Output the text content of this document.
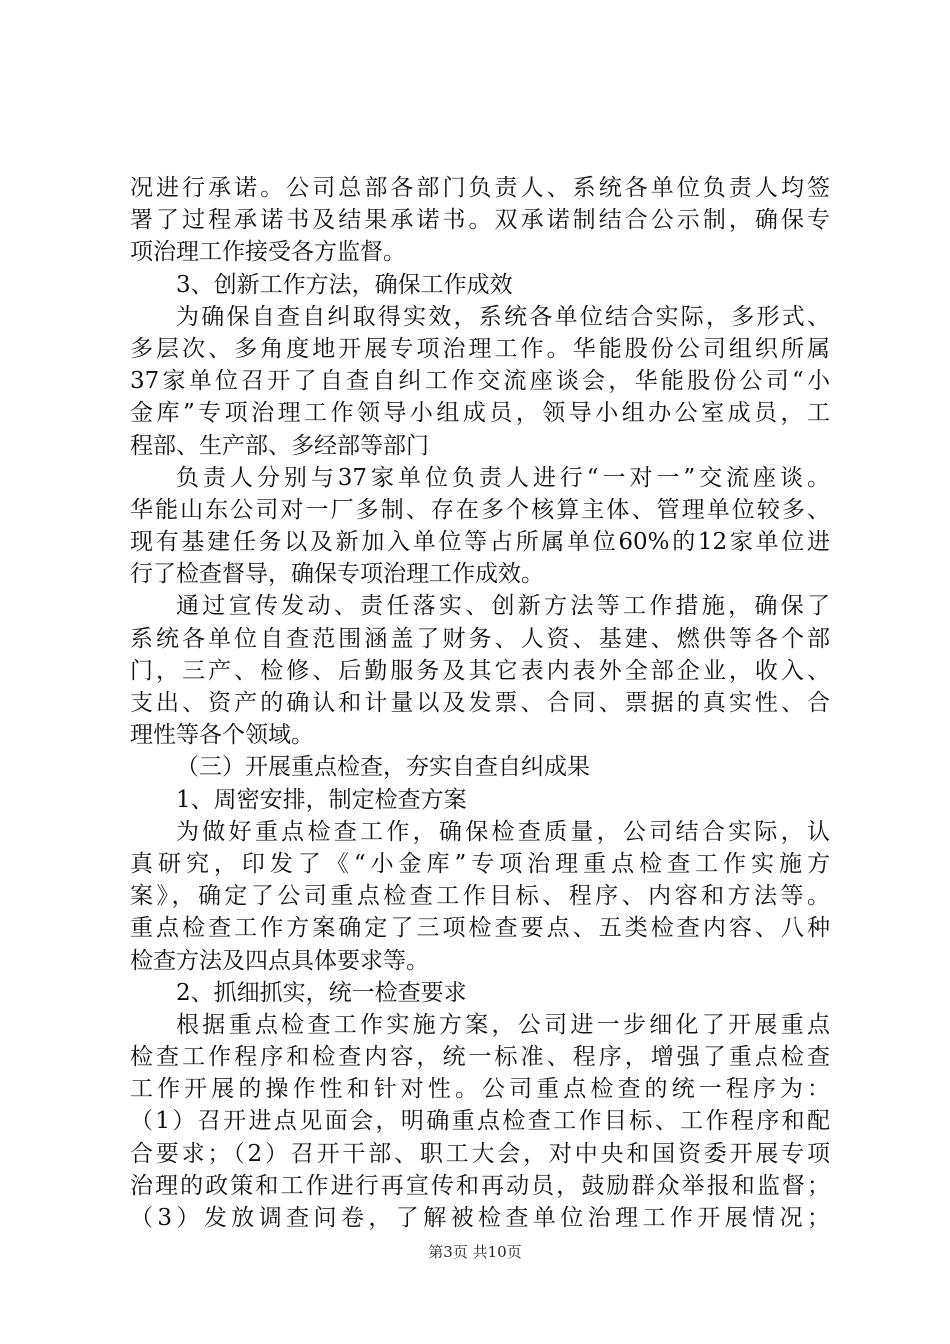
况进行承诺。公司总部各部门负责人、系统各单位负责人均签
署了过程承诺书及结果承诺书。双承诺制结合公示制，确保专
项治理工作接受各方监督。
3、创新工作方法，确保工作成效
为确保自查自纠取得实效，系统各单位结合实际，多形式、
多层次、多角度地开展专项治理工作。华能股份公司组织所属
37家单位召开了自查自纠工作交流座谈会，华能股份公司“小
金库”专项治理工作领导小组成员，领导小组办公室成员，工
程部、生产部、多经部等部门
负责人分别与37家单位负责人进行“一对一”交流座谈。
华能山东公司对一厂多制、存在多个核算主体、管理单位较多、
现有基建任务以及新加入单位等占所属单位60%的12家单位进
行了检查督导，确保专项治理工作成效。
通过宣传发动、责任落实、创新方法等工作措施，确保了
系统各单位自查范围涵盖了财务、人资、基建、燃供等各个部
门，三产、检修、后勤服务及其它表内表外全部企业，收入、
支出、资产的确认和计量以及发票、合同、票据的真实性、合
理性等各个领域。
（三）开展重点检查，夯实自查自纠成果
1、周密安排，制定检查方案
为做好重点检查工作，确保检查质量，公司结合实际，认
真研究，印发了《“小金库”专项治理重点检查工作实施方
案》，确定了公司重点检查工作目标、程序、内容和方法等。
重点检查工作方案确定了三项检查要点、五类检查内容、八种
检查方法及四点具体要求等。
2、抓细抓实，统一检查要求
根据重点检查工作实施方案，公司进一步细化了开展重点
检查工作程序和检查内容，统一标准、程序，增强了重点检查
工作开展的操作性和针对性。公司重点检查的统一程序为：
（1）召开进点见面会，明确重点检查工作目标、工作程序和配
合要求；（2）召开干部、职工大会，对中央和国资委开展专项
治理的政策和工作进行再宣传和再动员，鼓励群众举报和监督；
（3）发放调查问卷，了解被检查单位治理工作开展情况；
第3页 共10页
